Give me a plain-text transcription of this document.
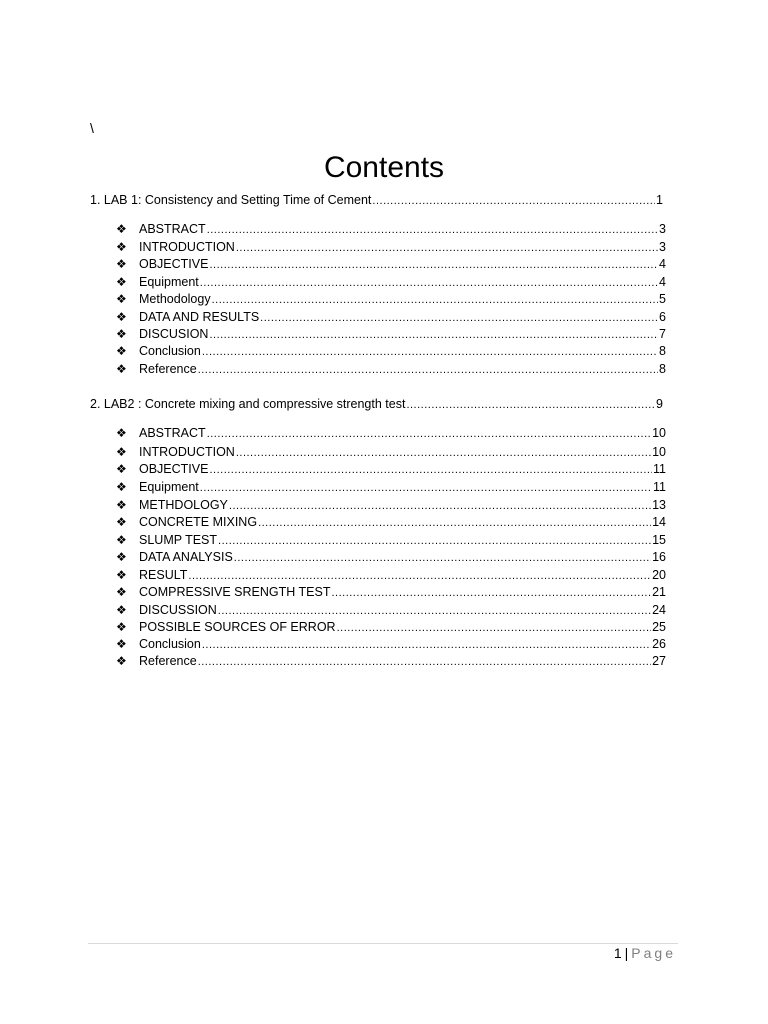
\
Contents
1. LAB 1: Consistency and Setting Time of Cement .....	1
❖ ABSTRACT .....	3
❖ INTRODUCTION .....	3
❖ OBJECTIVE .....	4
❖ Equipment .....	4
❖ Methodology .....	5
❖ DATA AND RESULTS .....	6
❖ DISCUSION .....	7
❖ Conclusion .....	8
❖ Reference .....	8
2. LAB2 : Concrete mixing and compressive strength test .....	9
❖ ABSTRACT .....	10
❖ INTRODUCTION .....	10
❖ OBJECTIVE .....	11
❖ Equipment .....	11
❖ METHDOLOGY .....	13
❖ CONCRETE MIXING .....	14
❖ SLUMP TEST .....	15
❖ DATA ANALYSIS .....	16
❖ RESULT .....	20
❖ COMPRESSIVE SRENGTH TEST .....	21
❖ DISCUSSION .....	24
❖ POSSIBLE SOURCES OF ERROR .....	25
❖ Conclusion .....	26
❖ Reference .....	27
1 | Page
